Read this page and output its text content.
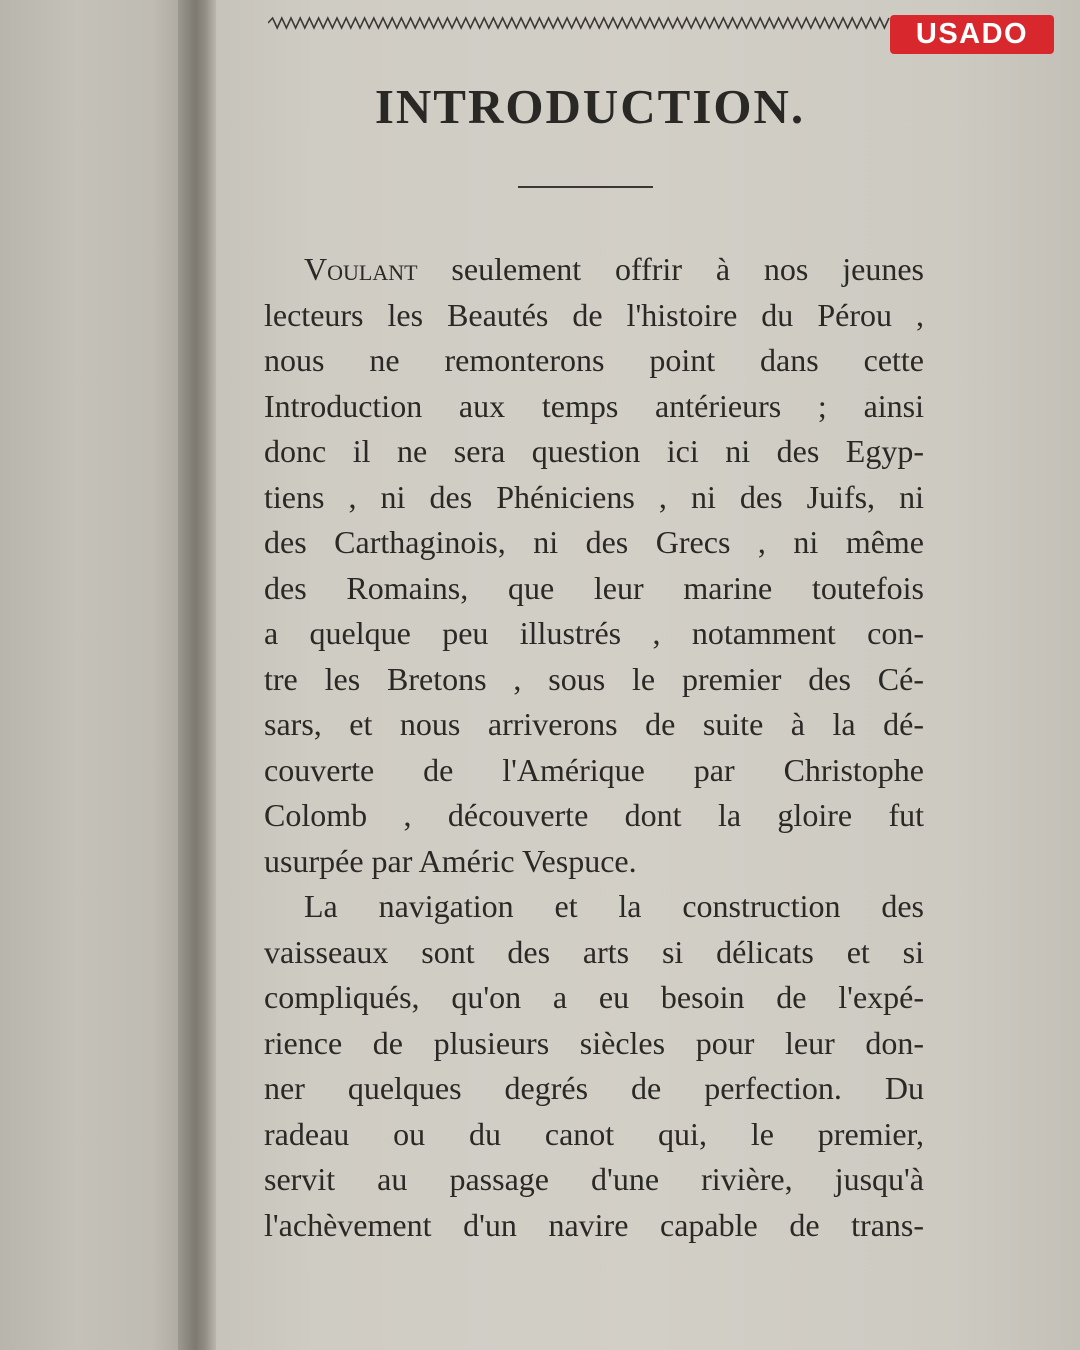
USADO
INTRODUCTION.
Voulant seulement offrir à nos jeunes
lecteurs les Beautés de l'histoire du Pérou ,
nous ne remonterons point dans cette
Introduction aux temps antérieurs ; ainsi
donc il ne sera question ici ni des Egyp-
tiens , ni des Phéniciens , ni des Juifs, ni
des Carthaginois, ni des Grecs , ni même
des Romains, que leur marine toutefois
a quelque peu illustrés , notamment con-
tre les Bretons , sous le premier des Cé-
sars, et nous arriverons de suite à la dé-
couverte de l'Amérique par Christophe
Colomb , découverte dont la gloire fut
usurpée par Améric Vespuce.
La navigation et la construction des
vaisseaux sont des arts si délicats et si
compliqués, qu'on a eu besoin de l'expé-
rience de plusieurs siècles pour leur don-
ner quelques degrés de perfection. Du
radeau ou du canot qui, le premier,
servit au passage d'une rivière, jusqu'à
l'achèvement d'un navire capable de trans-
